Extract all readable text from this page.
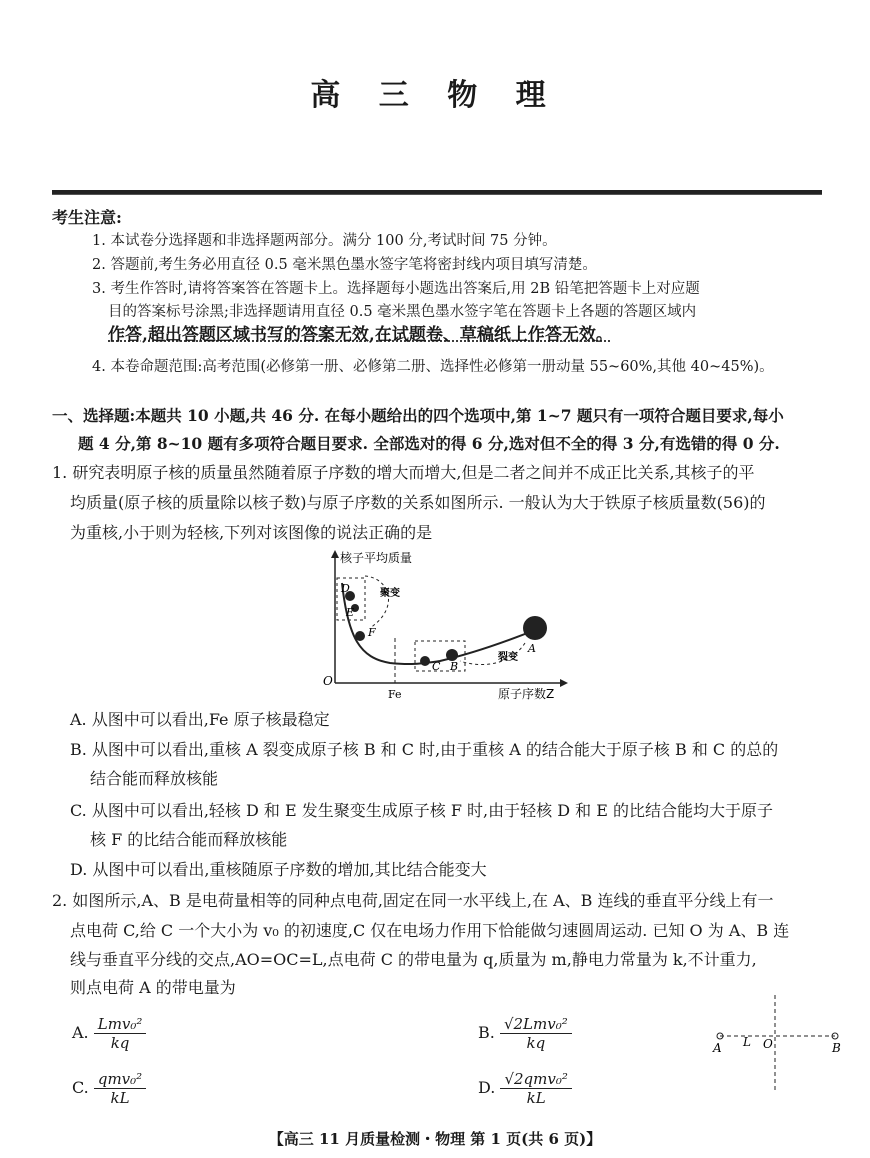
高 三 物 理
考生注意:
1. 本试卷分选择题和非选择题两部分。满分 100 分,考试时间 75 分钟。
2. 答题前,考生务必用直径 0.5 毫米黑色墨水签字笔将密封线内项目填写清楚。
3. 考生作答时,请将答案答在答题卡上。选择题每小题选出答案后,用 2B 铅笔把答题卡上对应题
目的答案标号涂黑;非选择题请用直径 0.5 毫米黑色墨水签字笔在答题卡上各题的答题区域内
作答,超出答题区域书写的答案无效,在试题卷、草稿纸上作答无效。
4. 本卷命题范围:高考范围(必修第一册、必修第二册、选择性必修第一册动量 55~60%,其他 40~45%)。
一、选择题:本题共 10 小题,共 46 分. 在每小题给出的四个选项中,第 1~7 题只有一项符合题目要求,每小
题 4 分,第 8~10 题有多项符合题目要求. 全部选对的得 6 分,选对但不全的得 3 分,有选错的得 0 分.
1. 研究表明原子核的质量虽然随着原子序数的增大而增大,但是二者之间并不成正比关系,其核子的平
均质量(原子核的质量除以核子数)与原子序数的关系如图所示. 一般认为大于铁原子核质量数(56)的
为重核,小于则为轻核,下列对该图像的说法正确的是
核子平均质量
原子序数Z
O
Fe
D
E
F
C B
A
聚变
裂变
A. 从图中可以看出,Fe 原子核最稳定
B. 从图中可以看出,重核 A 裂变成原子核 B 和 C 时,由于重核 A 的结合能大于原子核 B 和 C 的总的
结合能而释放核能
C. 从图中可以看出,轻核 D 和 E 发生聚变生成原子核 F 时,由于轻核 D 和 E 的比结合能均大于原子
核 F 的比结合能而释放核能
D. 从图中可以看出,重核随原子序数的增加,其比结合能变大
2. 如图所示,A、B 是电荷量相等的同种点电荷,固定在同一水平线上,在 A、B 连线的垂直平分线上有一
点电荷 C,给 C 一个大小为 v₀ 的初速度,C 仅在电场力作用下恰能做匀速圆周运动. 已知 O 为 A、B 连
线与垂直平分线的交点,AO=OC=L,点电荷 C 的带电量为 q,质量为 m,静电力常量为 k,不计重力,
则点电荷 A 的带电量为
A. $\frac{\text{Lmv₀²}}{kq}$	B. $\frac{\text{√2Lmv₀²}}{kq}$
C. $\frac{\text{qmv₀²}}{kL}$	D. $\frac{\text{√2qmv₀²}}{kL}$
A L O	B
【高三 11 月质量检测・物理 第 1 页(共 6 页)】
